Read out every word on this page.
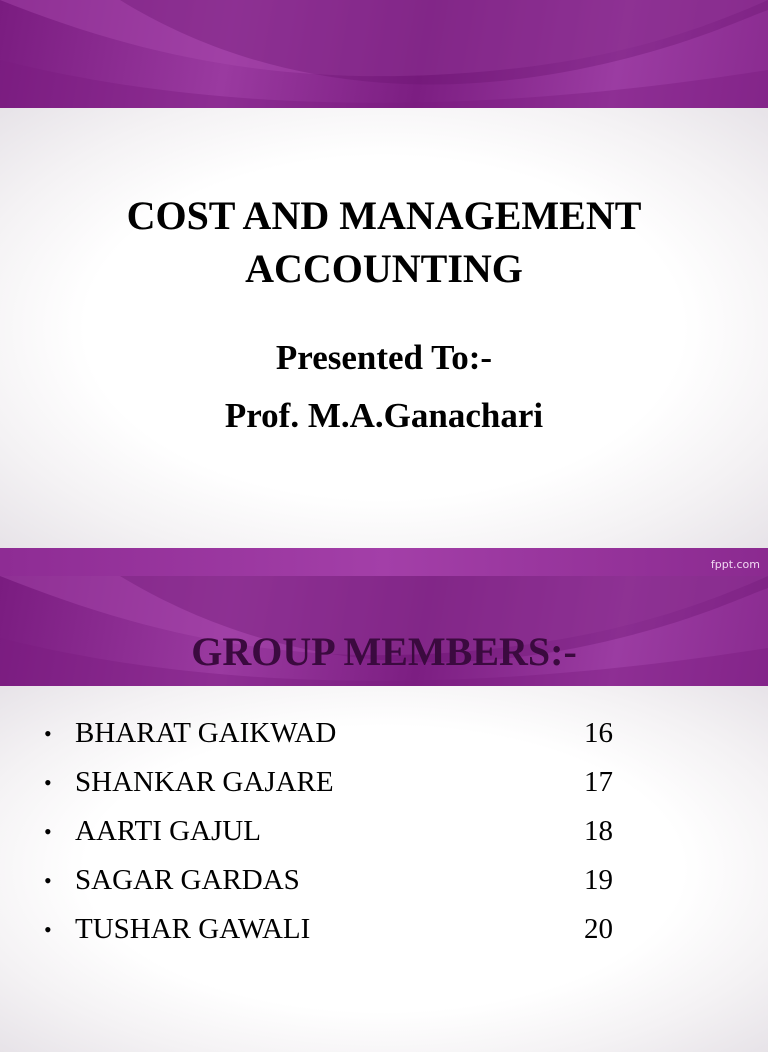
COST AND MANAGEMENT
ACCOUNTING
Presented To:-
Prof. M.A.Ganachari
fppt.com
GROUP MEMBERS:-
• BHARAT GAIKWAD	16
• SHANKAR GAJARE	17
• AARTI GAJUL	18
• SAGAR GARDAS	19
• TUSHAR GAWALI	20
